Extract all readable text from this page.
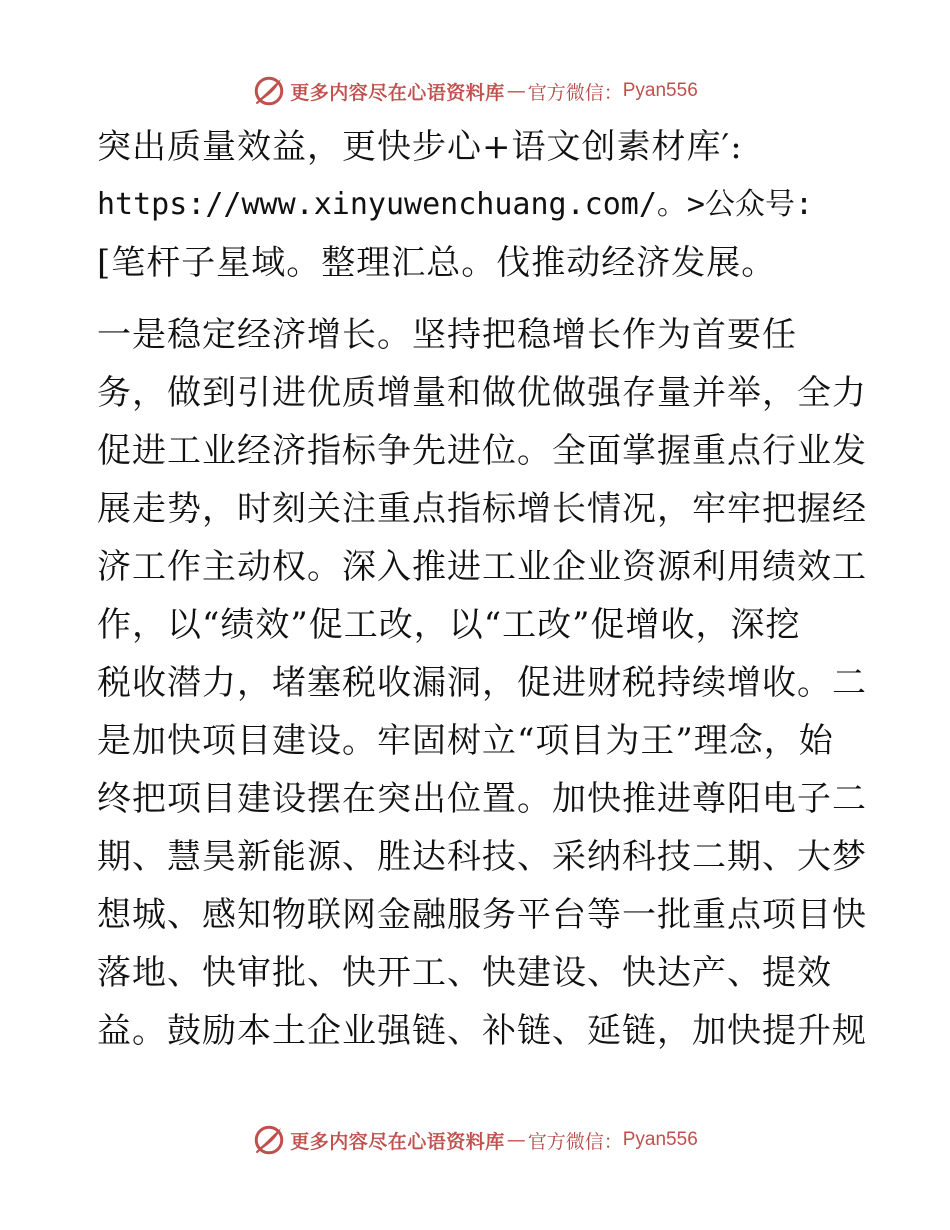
更多内容尽在心语资料库 — 官方微信： Pyan556
突出质量效益，更快步心+语文创素材库′:
https://www.xinyuwenchuang.com/。>公众号:
[笔杆子星域。整理汇总。伐推动经济发展。
一是稳定经济增长。坚持把稳增长作为首要任
务，做到引进优质增量和做优做强存量并举，全力
促进工业经济指标争先进位。全面掌握重点行业发
展走势，时刻关注重点指标增长情况，牢牢把握经
济工作主动权。深入推进工业企业资源利用绩效工
作，以“绩效”促工改，以“工改”促增收，深挖
税收潜力，堵塞税收漏洞，促进财税持续增收。二
是加快项目建设。牢固树立“项目为王”理念，始
终把项目建设摆在突出位置。加快推进尊阳电子二
期、慧昊新能源、胜达科技、采纳科技二期、大梦
想城、感知物联网金融服务平台等一批重点项目快
落地、快审批、快开工、快建设、快达产、提效
益。鼓励本土企业强链、补链、延链，加快提升规
更多内容尽在心语资料库 — 官方微信： Pyan556
